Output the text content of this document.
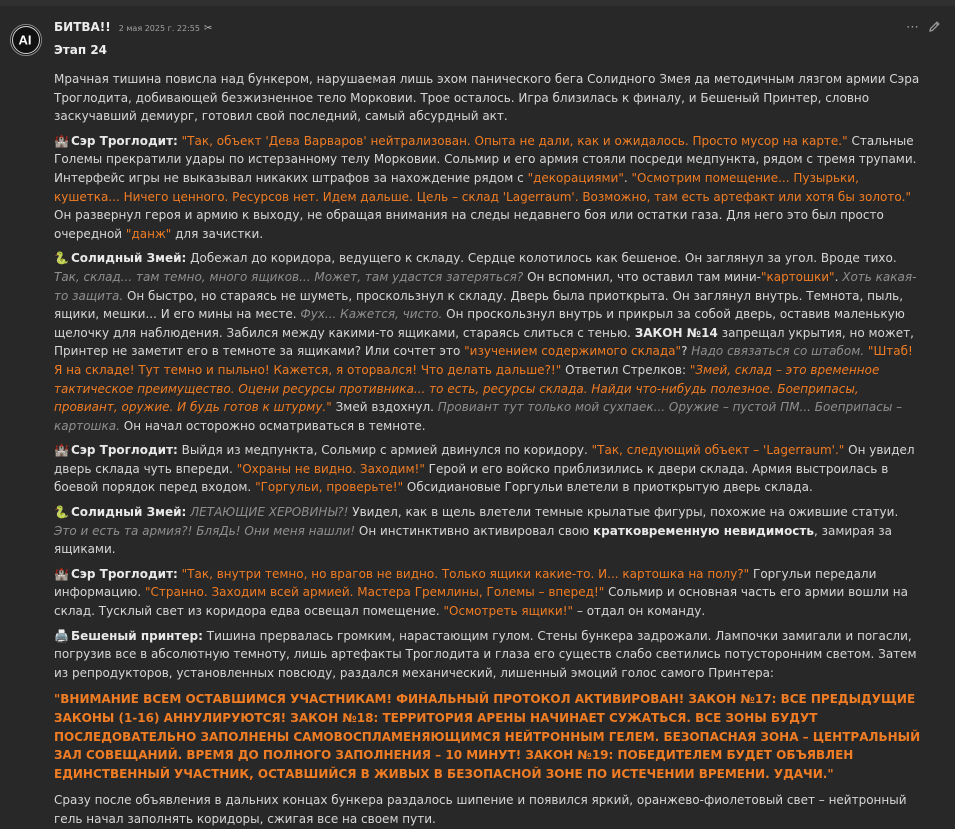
AI
⋯
БИТВА!! 2 мая 2025 г. 22:55 ✂
Этап 24

Мрачная тишина повисла над бункером, нарушаемая лишь эхом панического бега Солидного Змея да методичным лязгом армии Сэра Троглодита, добивающей безжизненное тело Морковии. Трое осталось. Игра близилась к финалу, и Бешеный Принтер, словно заскучавший демиург, готовил свой последний, самый абсурдный акт.

🏰 Сэр Троглодит: "Так, объект 'Дева Варваров' нейтрализован. Опыта не дали, как и ожидалось. Просто мусор на карте." Стальные Големы прекратили удары по истерзанному телу Морковии. Сольмир и его армия стояли посреди медпункта, рядом с тремя трупами. Интерфейс игры не выказывал никаких штрафов за нахождение рядом с "декорациями". "Осмотрим помещение... Пузырьки, кушетка... Ничего ценного. Ресурсов нет. Идем дальше. Цель – склад 'Lagerraum'. Возможно, там есть артефакт или хотя бы золото." Он развернул героя и армию к выходу, не обращая внимания на следы недавнего боя или остатки газа. Для него это был просто очередной "данж" для зачистки.

🐍 Солидный Змей: Добежал до коридора, ведущего к складу. Сердце колотилось как бешеное. Он заглянул за угол. Вроде тихо. Так, склад... там темно, много ящиков... Может, там удастся затеряться? Он вспомнил, что оставил там мини-"картошки". Хоть какая-то защита. Он быстро, но стараясь не шуметь, проскользнул к складу. Дверь была приоткрыта. Он заглянул внутрь. Темнота, пыль, ящики, мешки... И его мины на месте. Фух... Кажется, чисто. Он проскользнул внутрь и прикрыл за собой дверь, оставив маленькую щелочку для наблюдения. Забился между какими-то ящиками, стараясь слиться с тенью. ЗАКОН №14 запрещал укрытия, но может, Принтер не заметит его в темноте за ящиками? Или сочтет это "изучением содержимого склада"? Надо связаться со штабом. "Штаб! Я на складе! Тут темно и пыльно! Кажется, я оторвался! Что делать дальше?!" Ответил Стрелков: "Змей, склад – это временное тактическое преимущество. Оцени ресурсы противника... то есть, ресурсы склада. Найди что-нибудь полезное. Боеприпасы, провиант, оружие. И будь готов к штурму." Змей вздохнул. Провиант тут только мой сухпаек... Оружие – пустой ПМ... Боеприпасы – картошка. Он начал осторожно осматриваться в темноте.

🏰 Сэр Троглодит: Выйдя из медпункта, Сольмир с армией двинулся по коридору. "Так, следующий объект – 'Lagerraum'." Он увидел дверь склада чуть впереди. "Охраны не видно. Заходим!" Герой и его войско приблизились к двери склада. Армия выстроилась в боевой порядок перед входом. "Горгульи, проверьте!" Обсидиановые Горгульи влетели в приоткрытую дверь склада.

🐍 Солидный Змей: ЛЕТАЮЩИЕ ХЕРОВИНЫ?! Увидел, как в щель влетели темные крылатые фигуры, похожие на ожившие статуи. Это и есть та армия?! БляДь! Они меня нашли! Он инстинктивно активировал свою кратковременную невидимость, замирая за ящиками.

🏰 Сэр Троглодит: "Так, внутри темно, но врагов не видно. Только ящики какие-то. И... картошка на полу?" Горгульи передали информацию. "Странно. Заходим всей армией. Мастера Гремлины, Големы – вперед!" Сольмир и основная часть его армии вошли на склад. Тусклый свет из коридора едва освещал помещение. "Осмотреть ящики!" – отдал он команду.

🖨️ Бешеный принтер: Тишина прервалась громким, нарастающим гулом. Стены бункера задрожали. Лампочки замигали и погасли, погрузив все в абсолютную темноту, лишь артефакты Троглодита и глаза его существ слабо светились потусторонним светом. Затем из репродукторов, установленных повсюду, раздался механический, лишенный эмоций голос самого Принтера:

"ВНИМАНИЕ ВСЕМ ОСТАВШИМСЯ УЧАСТНИКАМ! ФИНАЛЬНЫЙ ПРОТОКОЛ АКТИВИРОВАН! ЗАКОН №17: ВСЕ ПРЕДЫДУЩИЕ ЗАКОНЫ (1-16) АННУЛИРУЮТСЯ! ЗАКОН №18: ТЕРРИТОРИЯ АРЕНЫ НАЧИНАЕТ СУЖАТЬСЯ. ВСЕ ЗОНЫ БУДУТ ПОСЛЕДОВАТЕЛЬНО ЗАПОЛНЕНЫ САМОВОСПЛАМЕНЯЮЩИМСЯ НЕЙТРОННЫМ ГЕЛЕМ. БЕЗОПАСНАЯ ЗОНА – ЦЕНТРАЛЬНЫЙ ЗАЛ СОВЕЩАНИЙ. ВРЕМЯ ДО ПОЛНОГО ЗАПОЛНЕНИЯ – 10 МИНУТ! ЗАКОН №19: ПОБЕДИТЕЛЕМ БУДЕТ ОБЪЯВЛЕН ЕДИНСТВЕННЫЙ УЧАСТНИК, ОСТАВШИЙСЯ В ЖИВЫХ В БЕЗОПАСНОЙ ЗОНЕ ПО ИСТЕЧЕНИИ ВРЕМЕНИ. УДАЧИ."

Сразу после объявления в дальних концах бункера раздалось шипение и появился яркий, оранжево-фиолетовый свет – нейтронный гель начал заполнять коридоры, сжигая все на своем пути.
